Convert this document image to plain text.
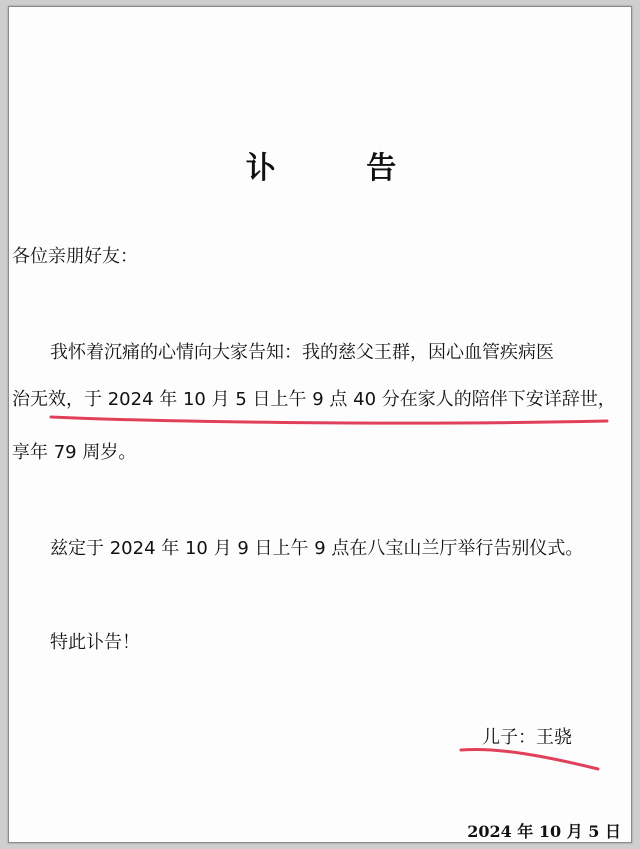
讣 告
各位亲朋好友：
我怀着沉痛的心情向大家告知：我的慈父王群，因心血管疾病医
治无效，于 2024 年 10 月 5 日上午 9 点 40 分在家人的陪伴下安详辞世，
享年 79 周岁。
兹定于 2024 年 10 月 9 日上午 9 点在八宝山兰厅举行告别仪式。
特此讣告！
儿子：王骁
2024 年 10 月 5 日
